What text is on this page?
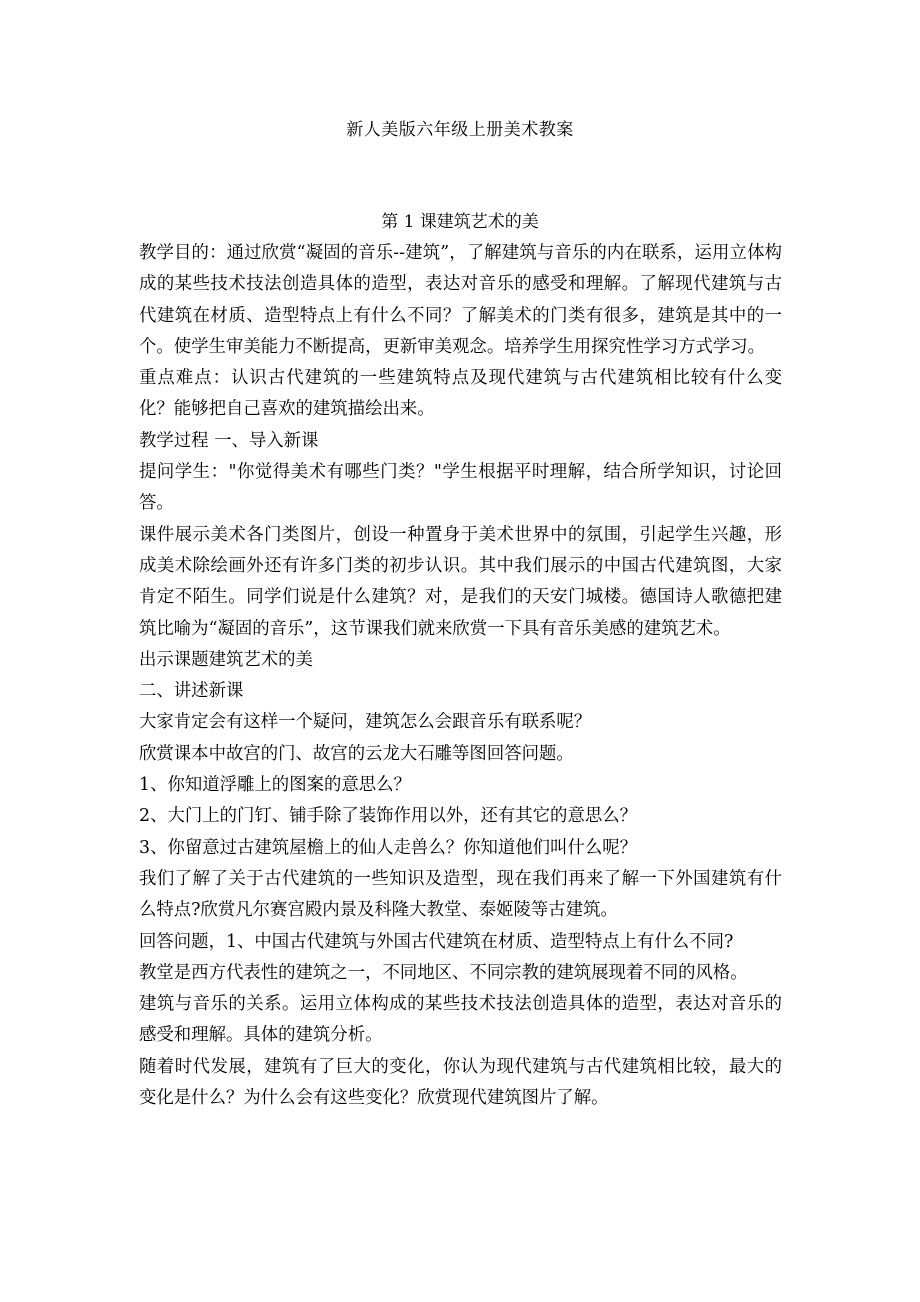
新人美版六年级上册美术教案
第 1 课建筑艺术的美

教学目的：通过欣赏“凝固的音乐--建筑”，了解建筑与音乐的内在联系，运用立体构成的某些技术技法创造具体的造型，表达对音乐的感受和理解。了解现代建筑与古代建筑在材质、造型特点上有什么不同？了解美术的门类有很多，建筑是其中的一个。使学生审美能力不断提高，更新审美观念。培养学生用探究性学习方式学习。

重点难点：认识古代建筑的一些建筑特点及现代建筑与古代建筑相比较有什么变化？能够把自己喜欢的建筑描绘出来。

教学过程 一、导入新课

提问学生："你觉得美术有哪些门类？"学生根据平时理解，结合所学知识，讨论回答。

课件展示美术各门类图片，创设一种置身于美术世界中的氛围，引起学生兴趣，形成美术除绘画外还有许多门类的初步认识。其中我们展示的中国古代建筑图，大家肯定不陌生。同学们说是什么建筑？对，是我们的天安门城楼。德国诗人歌德把建筑比喻为“凝固的音乐”，这节课我们就来欣赏一下具有音乐美感的建筑艺术。

出示课题建筑艺术的美

二、讲述新课

大家肯定会有这样一个疑问，建筑怎么会跟音乐有联系呢？

欣赏课本中故宫的门、故宫的云龙大石雕等图回答问题。

1、你知道浮雕上的图案的意思么？

2、大门上的门钉、铺手除了装饰作用以外，还有其它的意思么？

3、你留意过古建筑屋檐上的仙人走兽么？你知道他们叫什么呢？

我们了解了关于古代建筑的一些知识及造型，现在我们再来了解一下外国建筑有什么特点?欣赏凡尔赛宫殿内景及科隆大教堂、泰姬陵等古建筑。

回答问题，1、中国古代建筑与外国古代建筑在材质、造型特点上有什么不同?

教堂是西方代表性的建筑之一，不同地区、不同宗教的建筑展现着不同的风格。

建筑与音乐的关系。运用立体构成的某些技术技法创造具体的造型，表达对音乐的感受和理解。具体的建筑分析。

随着时代发展，建筑有了巨大的变化，你认为现代建筑与古代建筑相比较，最大的变化是什么？为什么会有这些变化？欣赏现代建筑图片了解。
